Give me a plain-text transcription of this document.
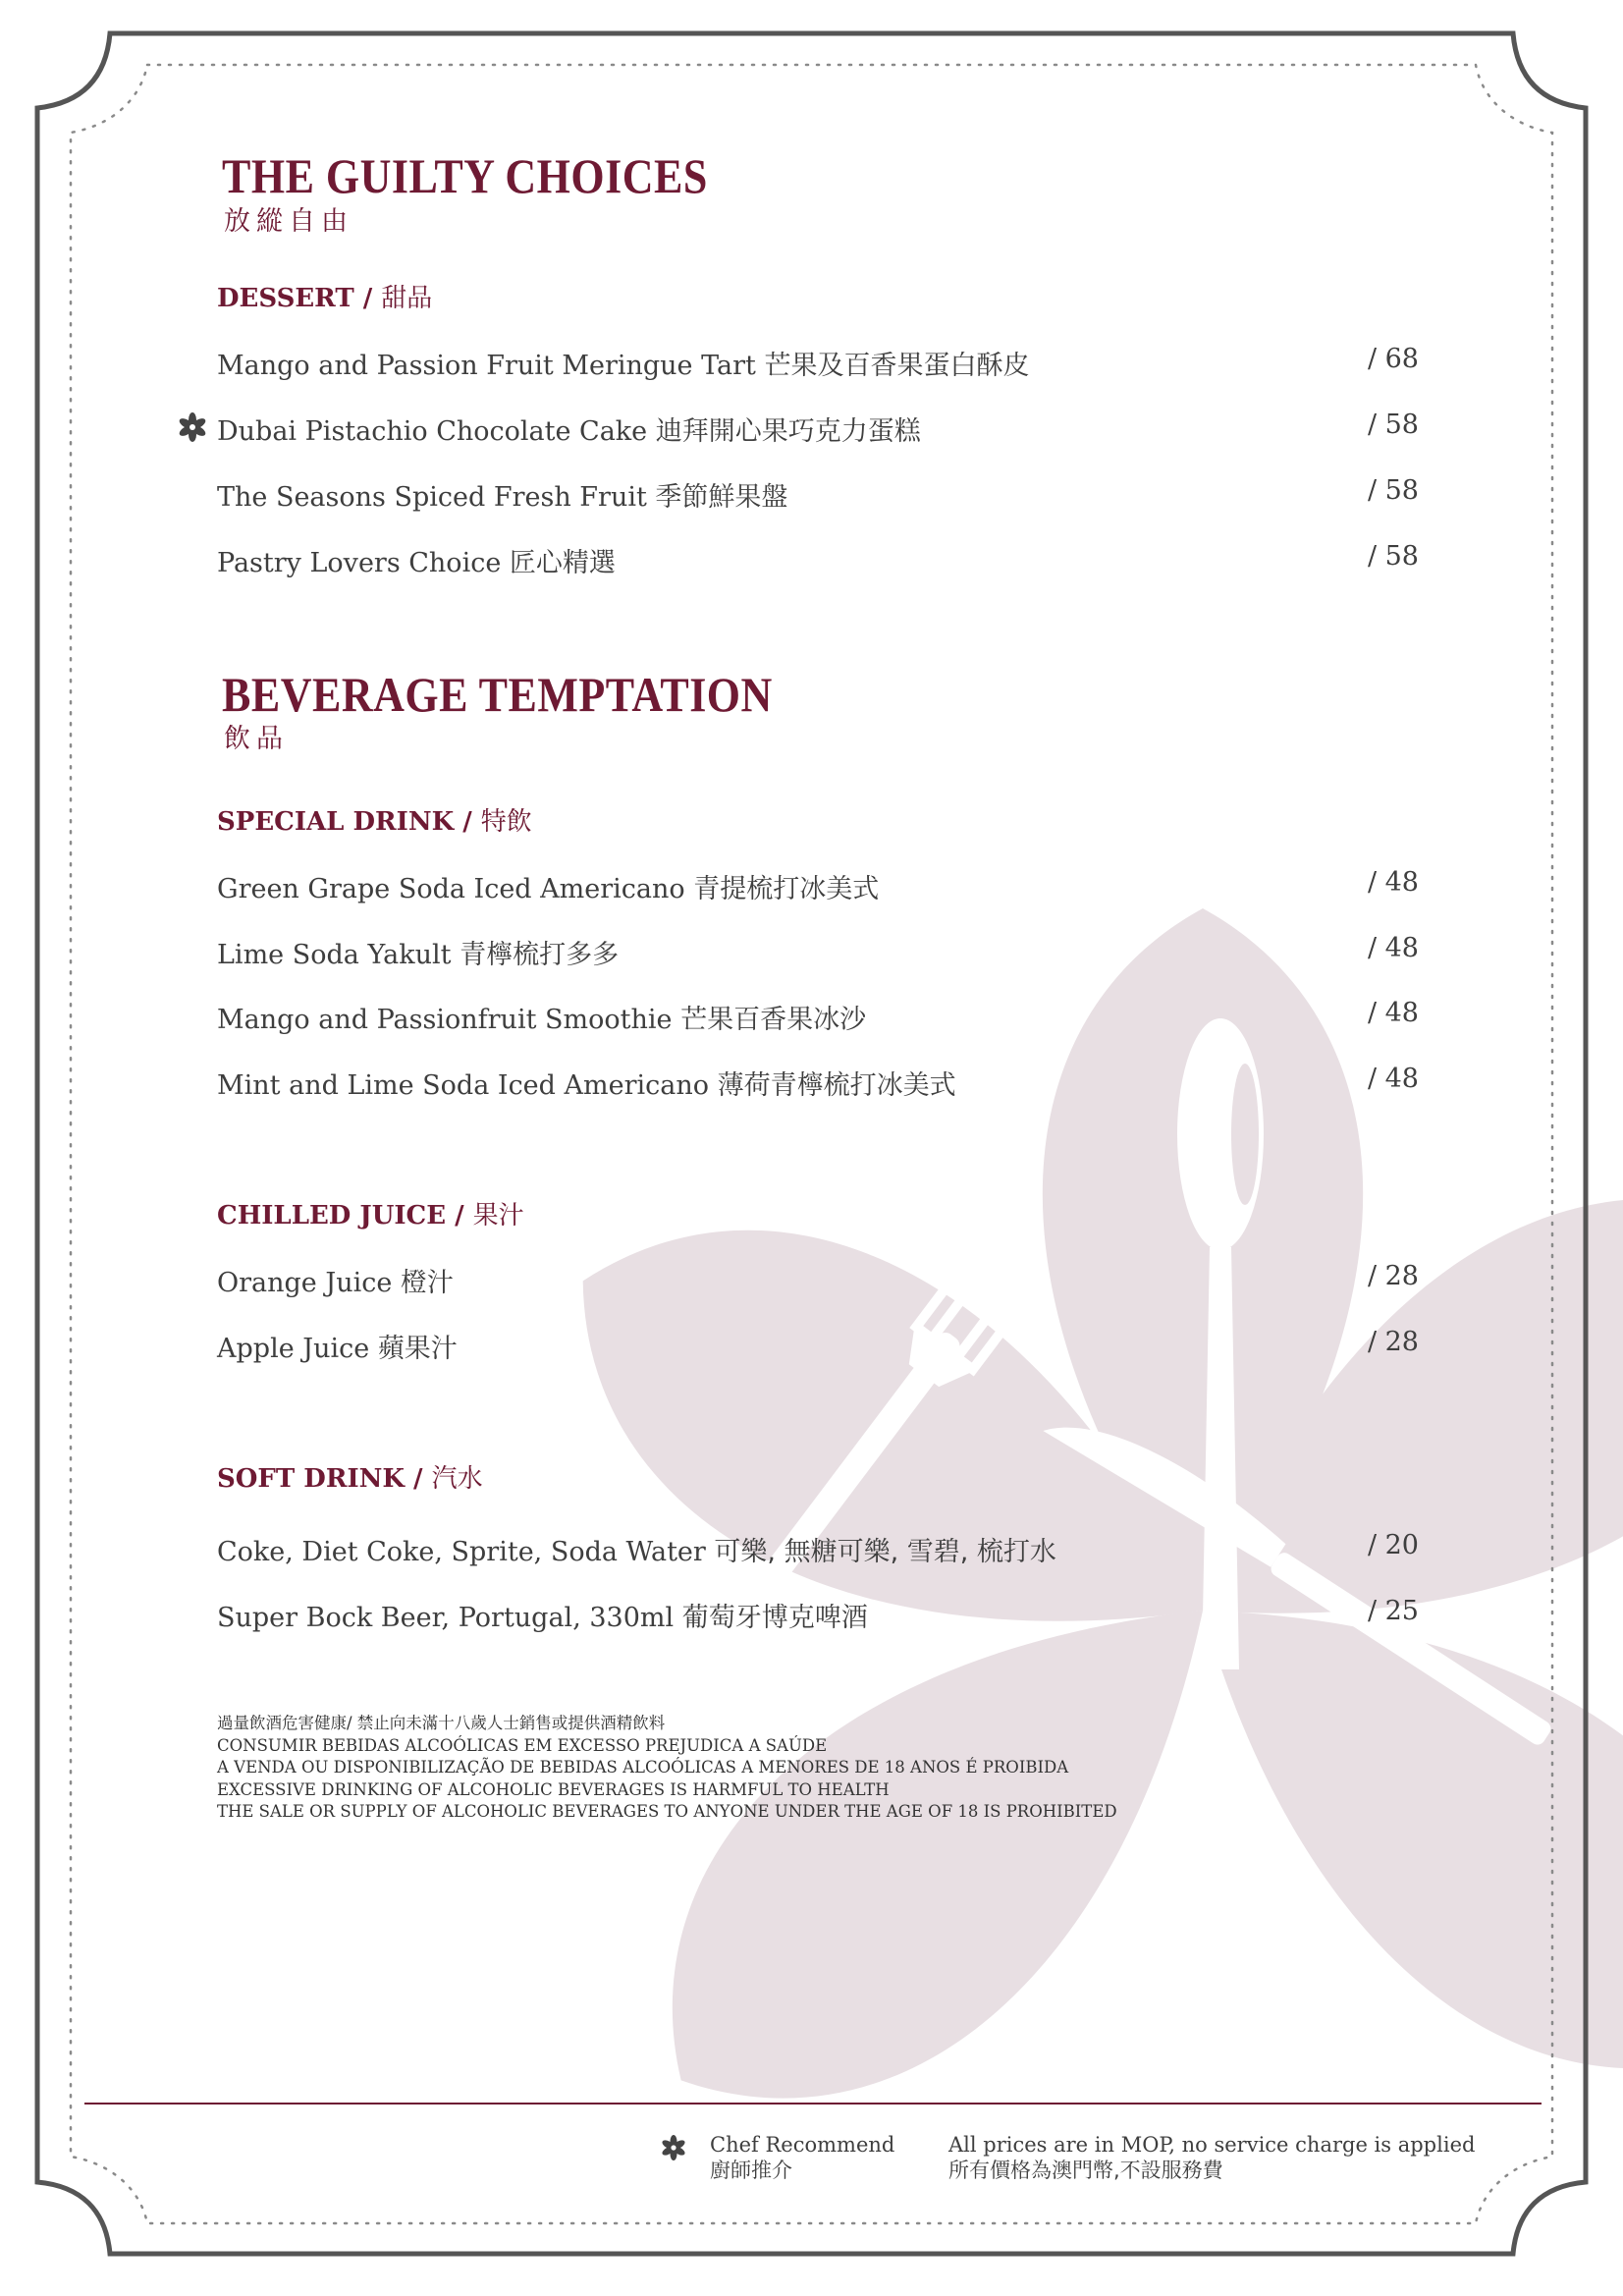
THE GUILTY CHOICES
放縱自由
DESSERT / 甜品
Mango and Passion Fruit Meringue Tart 芒果及百香果蛋白酥皮	/ 68
Dubai Pistachio Chocolate Cake 迪拜開心果巧克力蛋糕	/ 58
The Seasons Spiced Fresh Fruit 季節鮮果盤	/ 58
Pastry Lovers Choice 匠心精選	/ 58
BEVERAGE TEMPTATION
飲品
SPECIAL DRINK / 特飲
Green Grape Soda Iced Americano 青提梳打冰美式	/ 48
Lime Soda Yakult 青檸梳打多多	/ 48
Mango and Passionfruit Smoothie 芒果百香果冰沙	/ 48
Mint and Lime Soda Iced Americano 薄荷青檸梳打冰美式	/ 48
CHILLED JUICE / 果汁
Orange Juice 橙汁	/ 28
Apple Juice 蘋果汁	/ 28
SOFT DRINK / 汽水
Coke, Diet Coke, Sprite, Soda Water 可樂, 無糖可樂, 雪碧, 梳打水	/ 20
Super Bock Beer, Portugal, 330ml 葡萄牙博克啤酒	/ 25
過量飲酒危害健康/ 禁止向未滿十八歲人士銷售或提供酒精飲料
CONSUMIR BEBIDAS ALCOÓLICAS EM EXCESSO PREJUDICA A SAÚDE
A VENDA OU DISPONIBILIZAÇÃO DE BEBIDAS ALCOÓLICAS A MENORES DE 18 ANOS É PROIBIDA
EXCESSIVE DRINKING OF ALCOHOLIC BEVERAGES IS HARMFUL TO HEALTH
THE SALE OR SUPPLY OF ALCOHOLIC BEVERAGES TO ANYONE UNDER THE AGE OF 18 IS PROHIBITED
Chef Recommend
廚師推介
All prices are in MOP, no service charge is applied
所有價格為澳門幣,不設服務費
